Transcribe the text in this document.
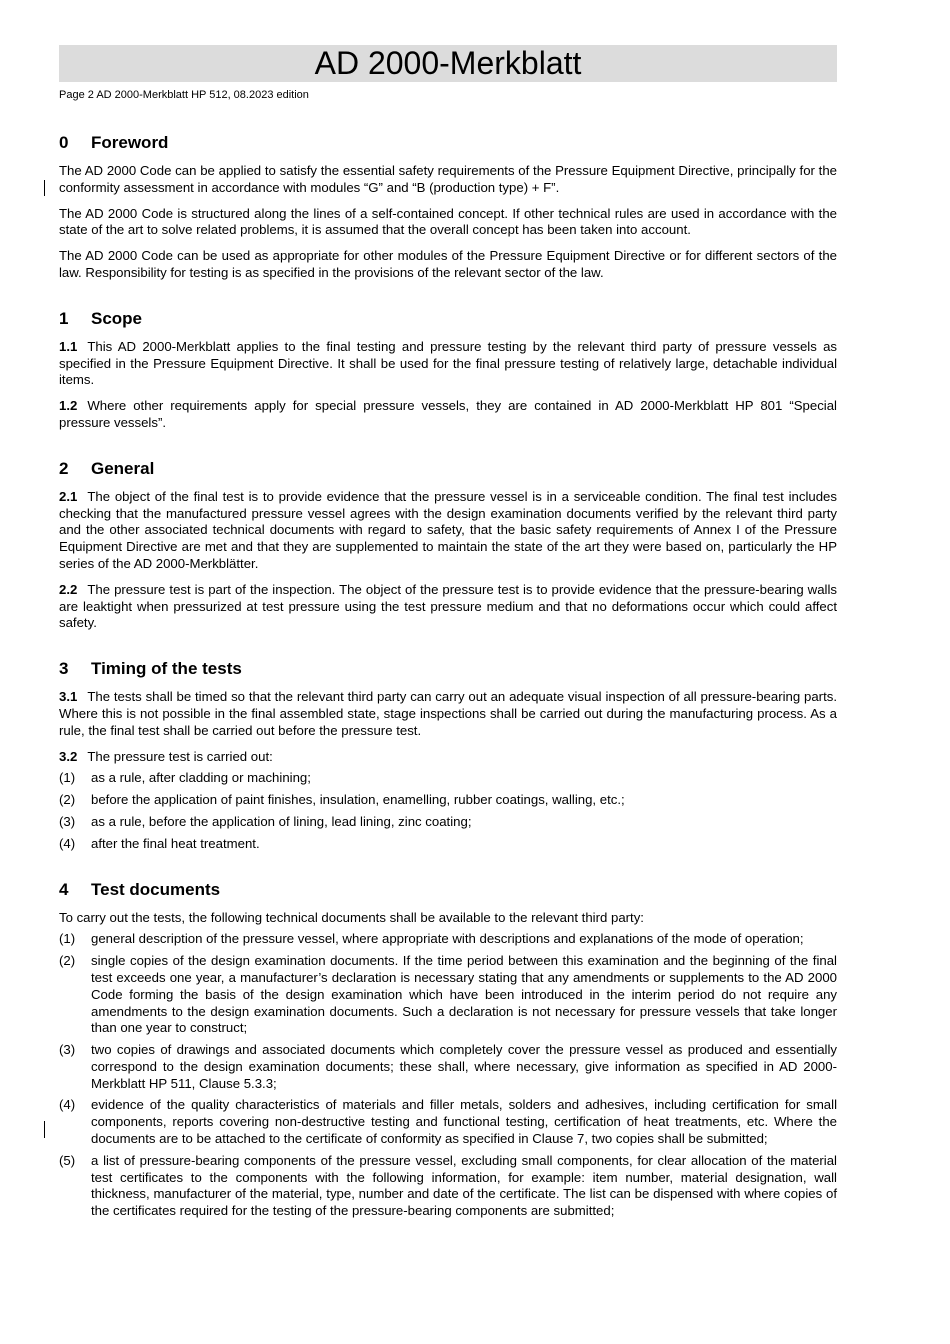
AD 2000-Merkblatt
Page 2 AD 2000-Merkblatt HP 512, 08.2023 edition
0 Foreword

The AD 2000 Code can be applied to satisfy the essential safety requirements of the Pressure Equipment Directive, principally for the conformity assessment in accordance with modules “G” and “B (production type) + F”.

The AD 2000 Code is structured along the lines of a self-contained concept. If other technical rules are used in accordance with the state of the art to solve related problems, it is assumed that the overall concept has been taken into account.

The AD 2000 Code can be used as appropriate for other modules of the Pressure Equipment Directive or for different sectors of the law. Responsibility for testing is as specified in the provisions of the relevant sector of the law.

1 Scope

1.1 This AD 2000-Merkblatt applies to the final testing and pressure testing by the relevant third party of pressure vessels as specified in the Pressure Equipment Directive. It shall be used for the final pressure testing of relatively large, detachable individual items.

1.2 Where other requirements apply for special pressure vessels, they are contained in AD 2000-Merkblatt HP 801 “Special pressure vessels”.

2 General

2.1 The object of the final test is to provide evidence that the pressure vessel is in a serviceable condition. The final test includes checking that the manufactured pressure vessel agrees with the design examination documents verified by the relevant third party and the other associated technical documents with regard to safety, that the basic safety requirements of Annex I of the Pressure Equipment Directive are met and that they are supplemented to maintain the state of the art they were based on, particularly the HP series of the AD 2000-Merkblätter.

2.2 The pressure test is part of the inspection. The object of the pressure test is to provide evidence that the pressure-bearing walls are leaktight when pressurized at test pressure using the test pressure medium and that no deformations occur which could affect safety.

3 Timing of the tests

3.1 The tests shall be timed so that the relevant third party can carry out an adequate visual inspection of all pressure-bearing parts. Where this is not possible in the final assembled state, stage inspections shall be carried out during the manufacturing process. As a rule, the final test shall be carried out before the pressure test.

3.2 The pressure test is carried out:

(1)	as a rule, after cladding or machining;
(2)	before the application of paint finishes, insulation, enamelling, rubber coatings, walling, etc.;
(3)	as a rule, before the application of lining, lead lining, zinc coating;
(4)	after the final heat treatment.
4 Test documents

To carry out the tests, the following technical documents shall be available to the relevant third party:

(1)	general description of the pressure vessel, where appropriate with descriptions and explanations of the mode of operation;
(2)	single copies of the design examination documents. If the time period between this examination and the beginning of the final test exceeds one year, a manufacturer’s declaration is necessary stating that any amendments or supplements to the AD 2000 Code forming the basis of the design examination which have been introduced in the interim period do not require any amendments to the design examination documents. Such a declaration is not necessary for pressure vessels that take longer than one year to construct;
(3)	two copies of drawings and associated documents which completely cover the pressure vessel as produced and essentially correspond to the design examination documents; these shall, where necessary, give information as specified in AD 2000-Merkblatt HP 511, Clause 5.3.3;
(4)	evidence of the quality characteristics of materials and filler metals, solders and adhesives, including certification for small components, reports covering non-destructive testing and functional testing, certification of heat treatments, etc. Where the documents are to be attached to the certificate of conformity as specified in Clause 7, two copies shall be submitted;
(5)	a list of pressure-bearing components of the pressure vessel, excluding small components, for clear allocation of the material test certificates to the components with the following information, for example: item number, material designation, wall thickness, manufacturer of the material, type, number and date of the certificate. The list can be dispensed with where copies of the certificates required for the testing of the pressure-bearing components are submitted;
